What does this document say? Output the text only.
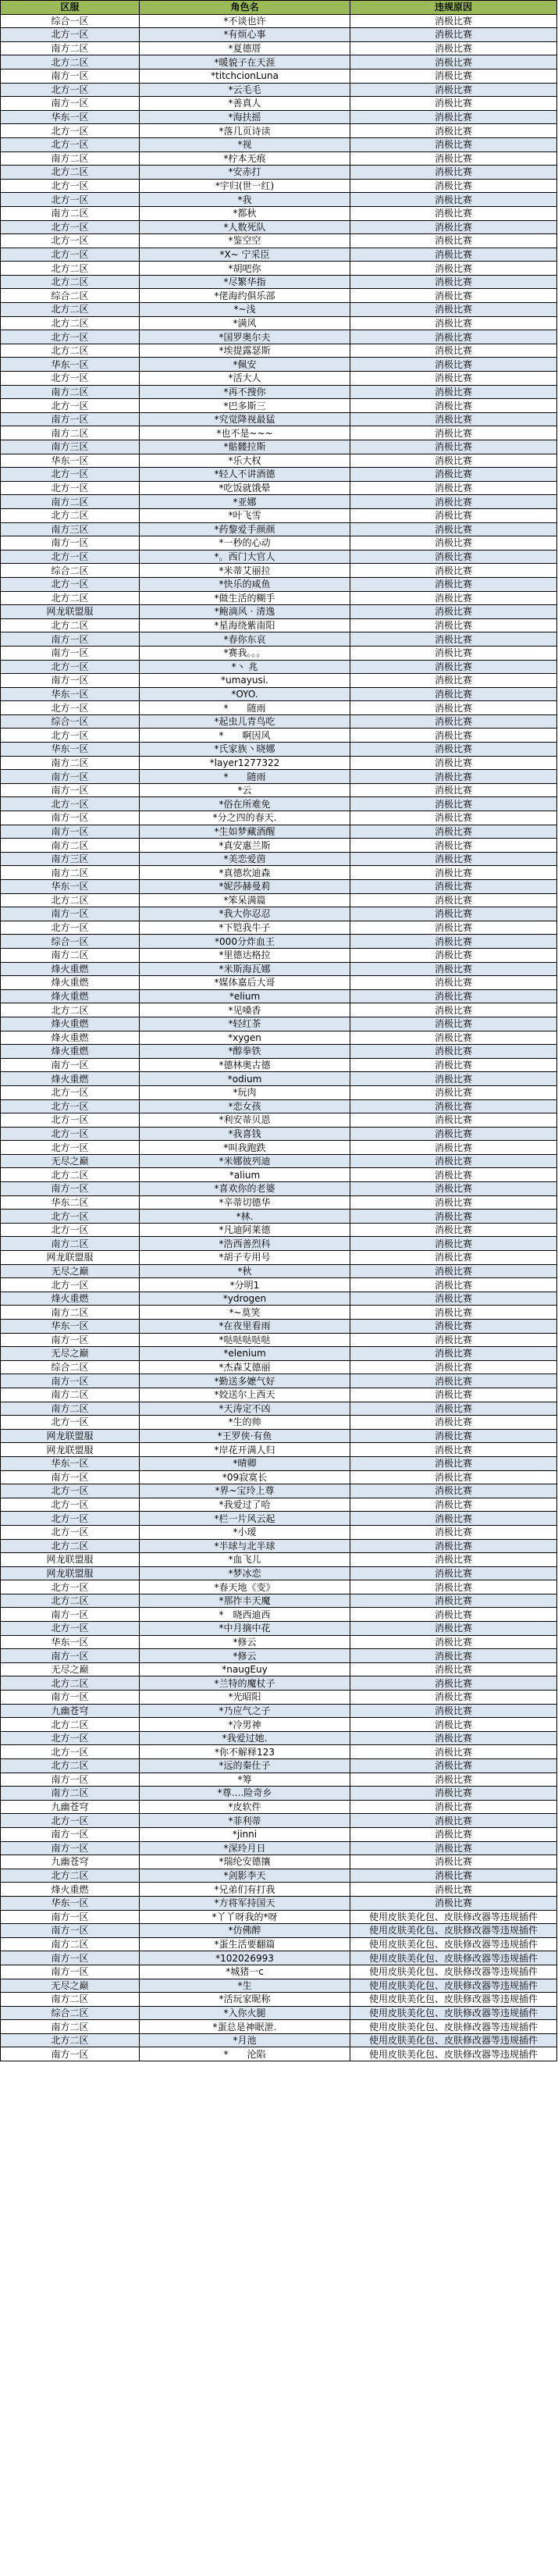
区服	角色名	违规原因
综合一区	*不谈也许	消极比赛
北方一区	*有烦心事	消极比赛
南方二区	*夏德厝	消极比赛
北方二区	*暖貌子在天涯	消极比赛
南方一区	*titchcionLuna	消极比赛
北方一区	*云毛毛	消极比赛
南方一区	*善真人	消极比赛
华东一区	*海扶摇	消极比赛
北方一区	*落几页诗读	消极比赛
北方一区	*视	消极比赛
南方二区	*柠本无痕	消极比赛
北方二区	*安赤打	消极比赛
北方一区	*宇归(世一红)	消极比赛
北方一区	*我	消极比赛
南方二区	*都秋	消极比赛
北方一区	*人数死队	消极比赛
北方一区	*鉴空空	消极比赛
北方一区	*X~ 宁采臣	消极比赛
北方二区	*胡吧你	消极比赛
北方二区	*尽繁华指	消极比赛
综合二区	*佬海约俱乐部	消极比赛
北方二区	*~浅	消极比赛
北方二区	*满风	消极比赛
北方一区	*国罗奥尔夫	消极比赛
北方二区	*埃提露瑟斯	消极比赛
华东一区	*佩安	消极比赛
北方一区	*活大人	消极比赛
南方二区	*再不搜你	消极比赛
北方一区	*巴多斯三	消极比赛
南方一区	*究觉降视最猛	消极比赛
南方二区	*也不是~~~	消极比赛
南方三区	*骷髅拉斯	消极比赛
华东一区	*乐大权	消极比赛
北方一区	*轻人不讲酒德	消极比赛
北方一区	*吃饭就饿晕	消极比赛
南方二区	*亚娜	消极比赛
北方二区	*叶飞雪	消极比赛
南方三区	*药黎爱手颜颜	消极比赛
南方一区	*一秒的心动	消极比赛
北方一区	*。西门大官人	消极比赛
综合二区	*米蒂艾丽拉	消极比赛
北方一区	*快乐的咸鱼	消极比赛
北方二区	*做生活的糊手	消极比赛
网龙联盟服	*鲍滴风 · 清逸	消极比赛
北方二区	*星海绕紫南阳	消极比赛
南方一区	*春你东哀	消极比赛
南方一区	*赛我。。。	消极比赛
北方一区	*丶 兆	消极比赛
南方一区	*umayusi.	消极比赛
华东一区	*OYO.	消极比赛
北方一区	*　　随雨	消极比赛
综合一区	*起虫儿青鸟吃	消极比赛
北方一区	*　　啊因风	消极比赛
华东一区	*氏家族丶晓娜	消极比赛
南方二区	*layer1277322	消极比赛
南方一区	*　　随雨	消极比赛
南方一区	*云	消极比赛
北方一区	*俗在所难免	消极比赛
南方一区	*分之四的春天.	消极比赛
南方一区	*生如梦藏酒醒	消极比赛
南方二区	*真安惠兰斯	消极比赛
南方三区	*美恋爱茵	消极比赛
南方二区	*真德坎迪森	消极比赛
华东一区	*妮莎赫曼莉	消极比赛
北方二区	*笨呆满篇	消极比赛
南方一区	*我大你忍忍	消极比赛
北方一区	*下铠我牛子	消极比赛
综合一区	*000分炸血王	消极比赛
南方二区	*里德达格拉	消极比赛
烽火重燃	*米斯海瓦娜	消极比赛
烽火重燃	*媒体嘉后大哥	消极比赛
烽火重燃	*elium	消极比赛
北方二区	*见嗓香	消极比赛
烽火重燃	*轻红茶	消极比赛
烽火重燃	*xygen	消极比赛
烽火重燃	*醇拳铁	消极比赛
南方一区	*德林奥古德	消极比赛
烽火重燃	*odium	消极比赛
北方一区	*玩肉	消极比赛
北方一区	*恋女孩	消极比赛
北方一区	*利安蒂贝恩	消极比赛
北方一区	*我喜钱	消极比赛
北方一区	*叫我跑跌	消极比赛
无尽之巅	*米娜彼列迪	消极比赛
北方二区	*alium	消极比赛
南方一区	*喜欢你的老婆	消极比赛
华东二区	*辛蒂切德华	消极比赛
北方一区	*林.	消极比赛
北方一区	*凡迪阿莱德	消极比赛
南方二区	*浩西善烈科	消极比赛
网龙联盟服	*胡子专用号	消极比赛
无尽之巅	*秋	消极比赛
北方一区	*分明1	消极比赛
烽火重燃	*ydrogen	消极比赛
南方二区	*~莫笑	消极比赛
华东一区	*在夜里看雨	消极比赛
南方一区	*哒哒哒哒哒	消极比赛
无尽之巅	*elenium	消极比赛
综合二区	*杰森艾德丽	消极比赛
南方一区	*勤送多嬷气好	消极比赛
南方二区	*姣送尔上西天	消极比赛
南方二区	*天涛定不凶	消极比赛
北方一区	*生的帅	消极比赛
网龙联盟服	*王罗侠·有鱼	消极比赛
网龙联盟服	*岸花开满人归	消极比赛
华东一区	*晴卿	消极比赛
南方一区	*09寂寞长	消极比赛
北方一区	*界~宝玲上尊	消极比赛
北方一区	*我爱过了哈	消极比赛
北方一区	*栏一片风云起	消极比赛
北方一区	*小瑷	消极比赛
北方二区	*半球与北半球	消极比赛
网龙联盟服	*血飞儿	消极比赛
网龙联盟服	*梦冰恋	消极比赛
北方一区	*春天地《变》	消极比赛
北方二区	*那拃丰天魔	消极比赛
南方一区	*　晓西迪西	消极比赛
北方一区	*中月摘中花	消极比赛
华东一区	*修云	消极比赛
南方一区	*修云	消极比赛
无尽之巅	*naugEuy	消极比赛
北方二区	*兰特的魔杖子	消极比赛
南方一区	*光昭阳	消极比赛
九幽苍穹	*乃应气之子	消极比赛
北方二区	*冷男神	消极比赛
北方一区	*我爱过她.	消极比赛
北方一区	*你不解释123	消极比赛
北方二区	*远的秦仕子	消极比赛
南方一区	*筹	消极比赛
南方二区	*尊….险奇乡	消极比赛
九幽苍穹	*皮软件	消极比赛
北方一区	*菲利蒂	消极比赛
南方一区	*jinni	消极比赛
南方一区	*深玲月日	消极比赛
九幽苍穹	*瑞纶安德攘	消极比赛
北方二区	*剑影李天	消极比赛
烽火重燃	*兄弟们有打我	消极比赛
华东一区	*方将军持国天	消极比赛
南方一区	*丫丫呀我的*呀	使用皮肤美化包、皮肤修改器等违规插件
南方一区	*仿佛醉	使用皮肤美化包、皮肤修改器等违规插件
南方二区	*蛋生活要翻篇	使用皮肤美化包、皮肤修改器等违规插件
南方一区	*102026993	使用皮肤美化包、皮肤修改器等违规插件
南方一区	*城猪一c	使用皮肤美化包、皮肤修改器等违规插件
无尽之巅	*生	使用皮肤美化包、皮肤修改器等违规插件
南方二区	*活玩家昵称	使用皮肤美化包、皮肤修改器等违规插件
综合二区	*入你火腿	使用皮肤美化包、皮肤修改器等违规插件
南方二区	*蛋总是神眠泄.	使用皮肤美化包、皮肤修改器等违规插件
北方二区	*月池	使用皮肤美化包、皮肤修改器等违规插件
南方一区	*　　沦陷	使用皮肤美化包、皮肤修改器等违规插件
